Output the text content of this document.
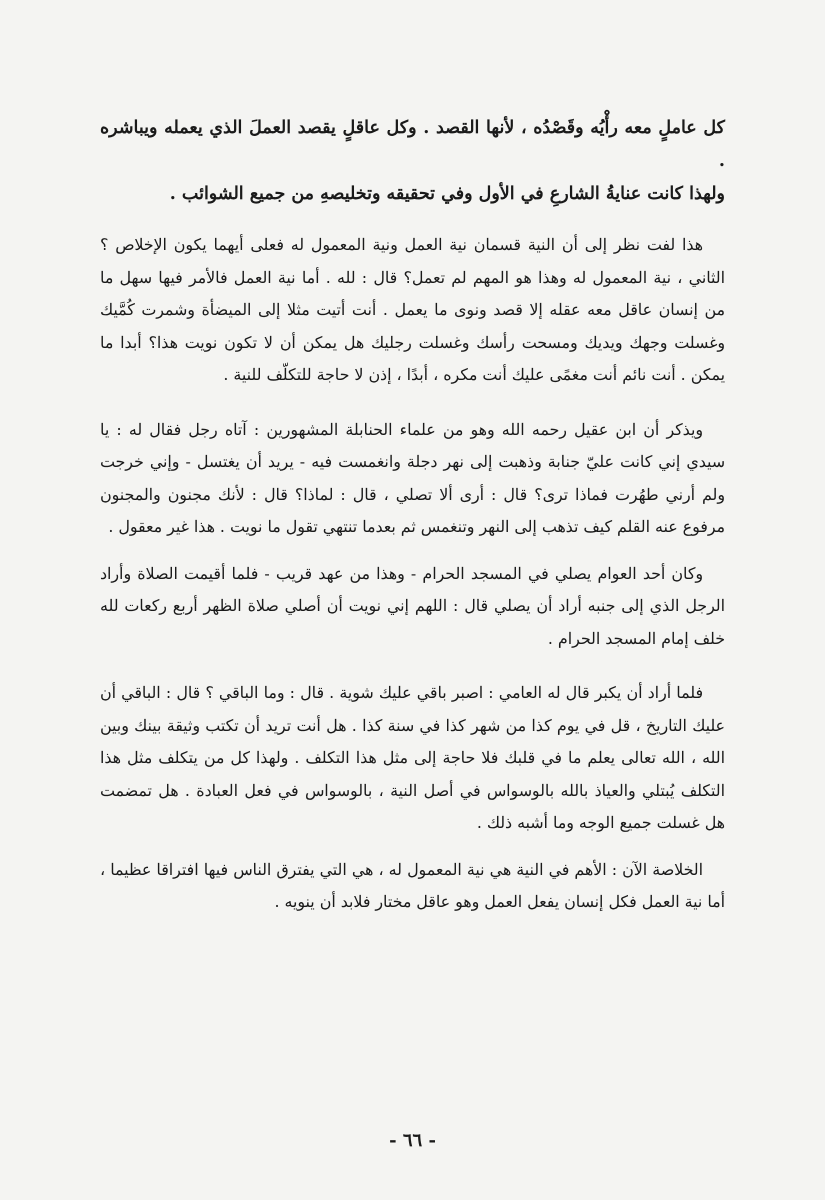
كل عاملٍ معه رأْيُه وقَصْدُه ، لأنها القصد . وكل عاقلٍ يقصد العملَ الذي يعمله ويباشره .

ولهذا كانت عنايةُ الشارعِ في الأول وفي تحقيقه وتخليصهِ من جميع الشوائب .

هذا لفت نظر إلى أن النية قسمان نية العمل ونية المعمول له فعلى أيهما يكون الإخلاص ؟ الثاني ، نية المعمول له وهذا هو المهم لم تعمل؟ قال : لله . أما نية العمل فالأمر فيها سهل ما من إنسان عاقل معه عقله إلا قصد ونوى ما يعمل . أنت أتيت مثلا إلى الميضأة وشمرت كُمَّيك وغسلت وجهك ويديك ومسحت رأسك وغسلت رجليك هل يمكن أن لا تكون نويت هذا؟ أبدا ما يمكن . أنت نائم أنت مغمًى عليك أنت مكره ، أبدًا ، إذن لا حاجة للتكلّف للنية .

ويذكر أن ابن عقيل رحمه الله وهو من علماء الحنابلة المشهورين : آتاه رجل فقال له : يا سيدي إني كانت عليّ جنابة وذهبت إلى نهر دجلة وانغمست فيه - يريد أن يغتسل - وإني خرجت ولم أرني طهُرت فماذا ترى؟ قال : أرى ألا تصلي ، قال : لماذا؟ قال : لأنك مجنون والمجنون مرفوع عنه القلم كيف تذهب إلى النهر وتنغمس ثم بعدما تنتهي تقول ما نويت . هذا غير معقول .

وكان أحد العوام يصلي في المسجد الحرام - وهذا من عهد قريب - فلما أقيمت الصلاة وأراد الرجل الذي إلى جنبه أراد أن يصلي قال : اللهم إني نويت أن أصلي صلاة الظهر أربع ركعات لله خلف إمام المسجد الحرام .

فلما أراد أن يكبر قال له العامي : اصبر باقي عليك شوية . قال : وما الباقي ؟ قال : الباقي أن عليك التاريخ ، قل في يوم كذا من شهر كذا في سنة كذا . هل أنت تريد أن تكتب وثيقة بينك وبين الله ، الله تعالى يعلم ما في قلبك فلا حاجة إلى مثل هذا التكلف . ولهذا كل من يتكلف مثل هذا التكلف يُبتلي والعياذ بالله بالوسواس في أصل النية ، بالوسواس في فعل العبادة . هل تمضمت هل غسلت جميع الوجه وما أشبه ذلك .

الخلاصة الآن : الأهم في النية هي نية المعمول له ، هي التي يفترق الناس فيها افتراقا عظيما ، أما نية العمل فكل إنسان يفعل العمل وهو عاقل مختار فلابد أن ينويه .

- ٦٦ -
